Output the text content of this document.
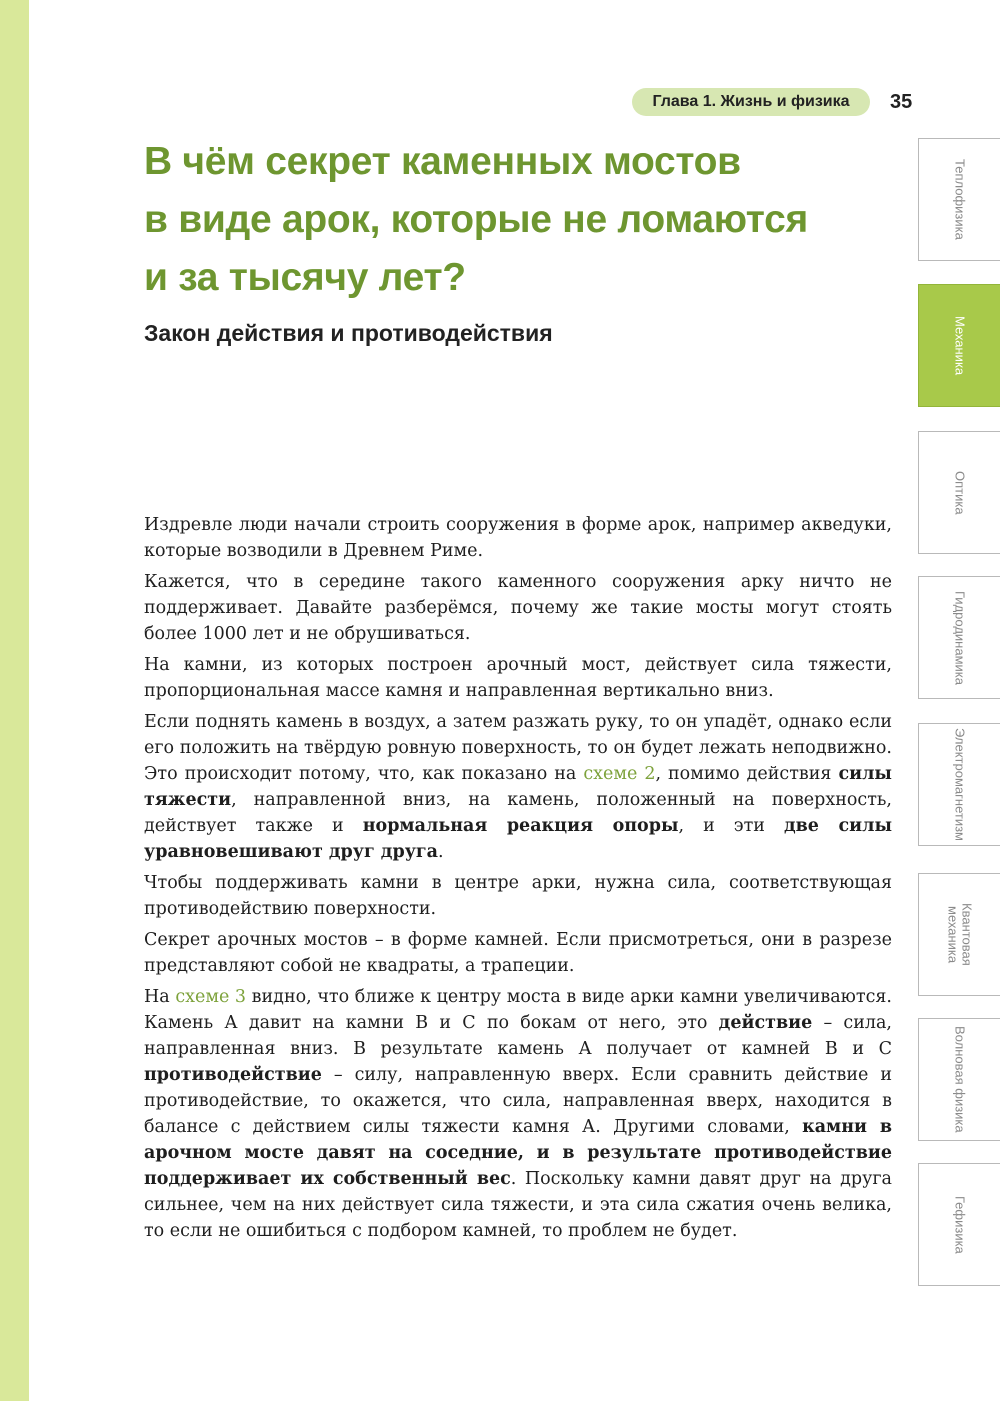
Глава 1. Жизнь и физика	35
В чём секрет каменных мостов
в виде арок, которые не ломаются
и за тысячу лет?
Закон действия и противодействия

Издревле люди начали строить сооружения в форме арок, например акведуки, которые возводили в Древнем Риме.

Кажется, что в середине такого каменного сооружения арку ничто не поддерживает. Давайте разберёмся, почему же такие мосты могут стоять более 1000 лет и не обрушиваться.

На камни, из которых построен арочный мост, действует сила тяжести, пропорциональная массе камня и направленная вертикально вниз.

Если поднять камень в воздух, а затем разжать руку, то он упадёт, однако если его положить на твёрдую ровную поверхность, то он будет лежать неподвижно. Это происходит потому, что, как показано на схеме 2, помимо действия силы тяжести, направленной вниз, на камень, положенный на поверхность, действует также и нормальная реакция опоры, и эти две силы уравновешивают друг друга.

Чтобы поддерживать камни в центре арки, нужна сила, соответствующая противодействию поверхности.

Секрет арочных мостов – в форме камней. Если присмотреться, они в разрезе представляют собой не квадраты, а трапеции.

На схеме 3 видно, что ближе к центру моста в виде арки камни увеличиваются. Камень А давит на камни В и С по бокам от него, это действие – сила, направленная вниз. В результате камень А получает от камней В и С противодействие – силу, направленную вверх. Если сравнить действие и противодействие, то окажется, что сила, направленная вверх, находится в балансе с действием силы тяжести камня А. Другими словами, камни в арочном мосте давят на соседние, и в результате противодействие поддерживает их собственный вес. Поскольку камни давят друг на друга сильнее, чем на них действует сила тяжести, и эта сила сжатия очень велика, то если не ошибиться с подбором камней, то проблем не будет.

Теплофизика
Механика
Оптика
Гидродинамика
Электромагнетизм
Квантовая
механика
Волновая физика
Гефизика
